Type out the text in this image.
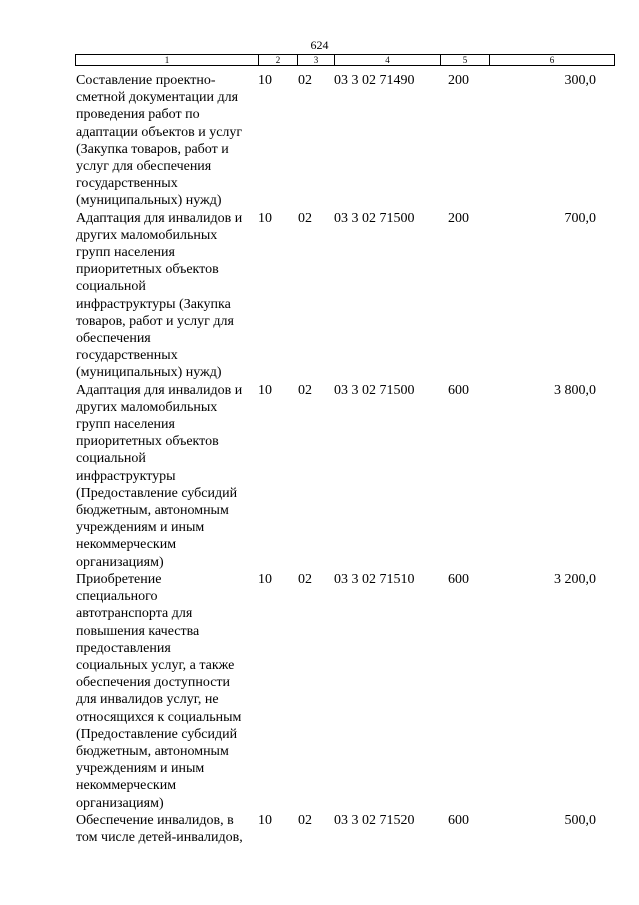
624
1	2	3	4	5	6
Составление проектно-
сметной документации для
проведения работ по
адаптации объектов и услуг
(Закупка товаров, работ и
услуг для обеспечения
государственных
(муниципальных) нужд)
10 02 03 3 02 71490 200	300,0
Адаптация для инвалидов и
других маломобильных
групп населения
приоритетных объектов
социальной
инфраструктуры (Закупка
товаров, работ и услуг для
обеспечения
государственных
(муниципальных) нужд)
10 02 03 3 02 71500 200	700,0
Адаптация для инвалидов и
других маломобильных
групп населения
приоритетных объектов
социальной
инфраструктуры
(Предоставление субсидий
бюджетным, автономным
учреждениям и иным
некоммерческим
организациям)
10 02 03 3 02 71500 600	3 800,0
Приобретение
специального
автотранспорта для
повышения качества
предоставления
социальных услуг, а также
обеспечения доступности
для инвалидов услуг, не
относящихся к социальным
(Предоставление субсидий
бюджетным, автономным
учреждениям и иным
некоммерческим
организациям)
10 02 03 3 02 71510 600	3 200,0
Обеспечение инвалидов, в
том числе детей-инвалидов,
10 02 03 3 02 71520 600	500,0
